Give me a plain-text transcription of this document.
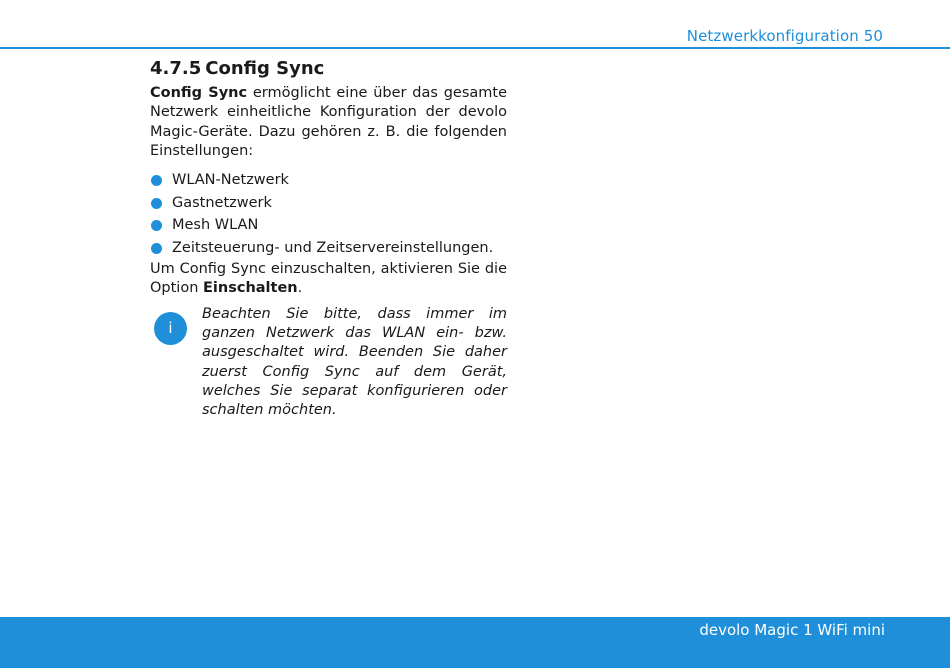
Netzwerkkonfiguration 50
4.7.5 Config Sync

Config Sync ermöglicht eine über das gesamte Netzwerk einheitliche Konfiguration der devolo Magic-Geräte. Dazu gehören z. B. die folgenden Einstellungen:

WLAN-Netzwerk
Gastnetzwerk
Mesh WLAN
Zeitsteuerung- und Zeitservereinstellungen.

Um Config Sync einzuschalten, aktivieren Sie die Option Einschalten.

i

Beachten Sie bitte, dass immer im ganzen Netzwerk das WLAN ein- bzw. ausgeschaltet wird. Beenden Sie daher zuerst Config Sync auf dem Gerät, welches Sie separat konfigurieren oder schalten möchten.

devolo Magic 1 WiFi mini
